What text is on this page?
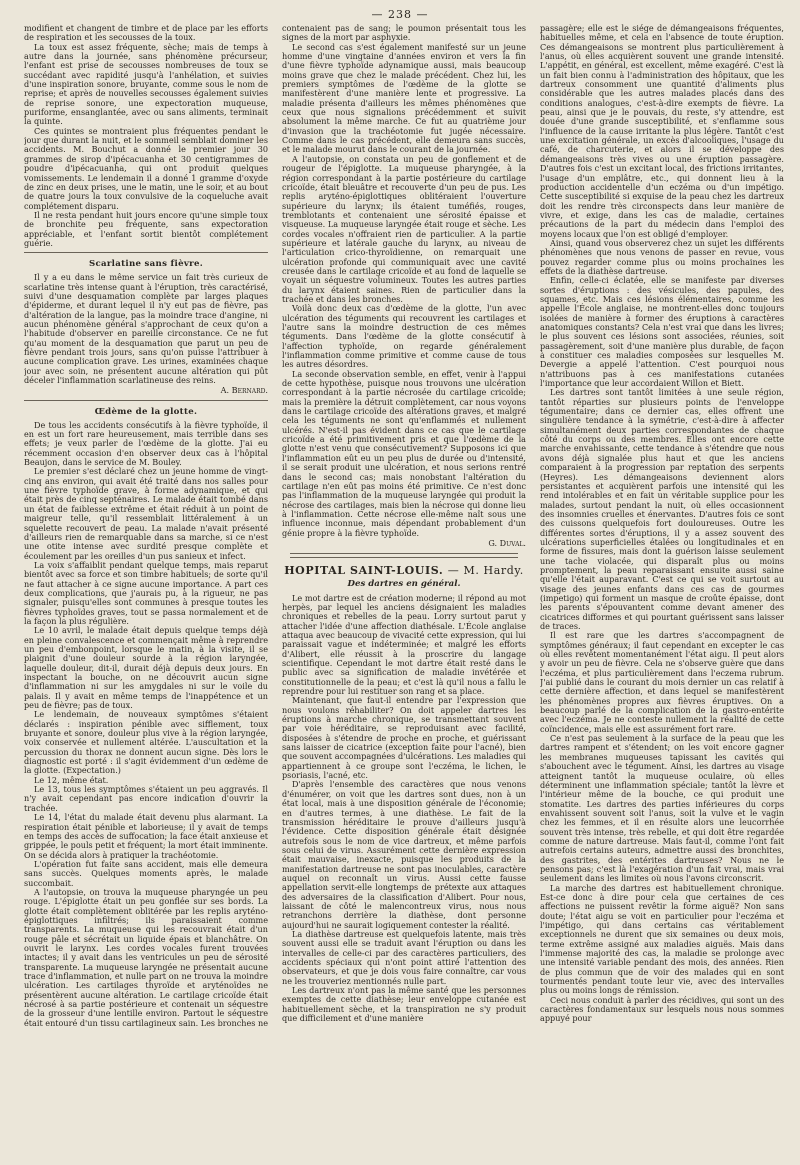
— 238 —

modifient et changent de timbre et de place par les efforts de respiration et les secousses de la toux.

La toux est assez fréquente, sèche; mais de temps à autre dans la journée, sans phénomène précurseur, l'enfant est prise de secousses nombreuses de toux se succédant avec rapidité jusqu'à l'anhélation, et suivies d'une inspiration sonore, bruyante, comme sous le nom de reprise; et après de nouvelles secousses également suivies de reprise sonore, une expectoration muqueuse, puriforme, ensanglantée, avec ou sans aliments, terminait la quinte.

Ces quintes se montraient plus fréquentes pendant le jour que durant la nuit, et le sommeil semblait dominer les accidents. M. Bouchut a donné le premier jour 30 grammes de sirop d'ipécacuanha et 30 centigrammes de poudre d'ipécacuanha, qui ont produit quelques vomissements. Le lendemain il a donné 1 gramme d'oxyde de zinc en deux prises, une le matin, une le soir, et au bout de quatre jours la toux convulsive de la coqueluche avait complétement disparu.

Il ne resta pendant huit jours encore qu'une simple toux de bronchite peu fréquente, sans expectoration appréciable, et l'enfant sortit bientôt complétement guérie.

Scarlatine sans fièvre.

Il y a eu dans le même service un fait très curieux de scarlatine très intense quant à l'éruption, très caractérisé, suivi d'une desquamation complète par larges plaques d'épiderme, et durant lequel il n'y eut pas de fièvre, pas d'altération de la langue, pas la moindre trace d'angine, ni aucun phénomène général s'approchant de ceux qu'on a l'habitude d'observer en pareille circonstance. Ce ne fut qu'au moment de la desquamation que parut un peu de fièvre pendant trois jours, sans qu'on puisse l'attribuer à aucune complication grave. Les urines, examinées chaque jour avec soin, ne présentent aucune altération qui pût déceler l'inflammation scarlatineuse des reins.

A. Bernard.
Œdème de la glotte.

De tous les accidents consécutifs à la fièvre typhoïde, il en est un fort rare heureusement, mais terrible dans ses effets; je veux parler de l'œdème de la glotte. J'ai eu récemment occasion d'en observer deux cas à l'hôpital Beaujon, dans le service de M. Bouley.

Le premier s'est déclaré chez un jeune homme de vingt-cinq ans environ, qui avait été traité dans nos salles pour une fièvre typhoïde grave, à forme adynamique, et qui était près de cinq septénaires. Le malade était tombé dans un état de faiblesse extrême et était réduit à un point de maigreur telle, qu'il ressemblait littéralement à un squelette recouvert de peau. La malade n'avait présenté d'ailleurs rien de remarquable dans sa marche, si ce n'est une otite intense avec surdité presque complète et écoulement par les oreilles d'un pus sanieux et infect.

La voix s'affaiblit pendant quelque temps, mais reparut bientôt avec sa force et son timbre habituels; de sorte qu'il ne faut attacher à ce signe aucune importance. A part ces deux complications, que j'aurais pu, à la rigueur, ne pas signaler, puisqu'elles sont communes à presque toutes les fièvres typhoïdes graves, tout se passa normalement et de la façon la plus régulière.

Le 10 avril, le malade était depuis quelque temps déjà en pleine convalescence et commençait même à reprendre un peu d'embonpoint, lorsque le matin, à la visite, il se plaignit d'une douleur sourde à la région laryngée, laquelle douleur, dit-il, durait déjà depuis deux jours. En inspectant la bouche, on ne découvrit aucun signe d'inflammation ni sur les amygdales ni sur le voile du palais. Il y avait en même temps de l'inappétence et un peu de fièvre; pas de toux.

Le lendemain, de nouveaux symptômes s'étaient déclarés : inspiration pénible avec sifflement, toux bruyante et sonore, douleur plus vive à la région laryngée, voix conservée et nullement altérée. L'auscultation et la percussion du thorax ne donnent aucun signe. Dès lors le diagnostic est porté : il s'agit évidemment d'un œdème de la glotte. (Expectation.)

Le 12, même état.

Le 13, tous les symptômes s'étaient un peu aggravés. Il n'y avait cependant pas encore indication d'ouvrir la trachée.

Le 14, l'état du malade était devenu plus alarmant. La respiration était pénible et laborieuse; il y avait de temps en temps des accès de suffocation; la face était anxieuse et grippée, le pouls petit et fréquent; la mort était imminente. On se décida alors à pratiquer la trachéotomie.

L'opération fut faite sans accident, mais elle demeura sans succès. Quelques moments après, le malade succombait.

A l'autopsie, on trouva la muqueuse pharyngée un peu rouge. L'épiglotte était un peu gonflée sur ses bords. La glotte était complètement oblitérée par les replis aryténo-épiglottiques infiltrés; ils paraissaient comme transparents. La muqueuse qui les recouvrait était d'un rouge pâle et sécrétait un liquide épais et blanchâtre. On ouvrit le larynx. Les cordes vocales furent trouvées intactes; il y avait dans les ventricules un peu de sérosité transparente. La muqueuse laryngée ne présentait aucune trace d'inflammation, et nulle part on ne trouva la moindre ulcération. Les cartilages thyroïde et aryténoïdes ne présentèrent aucune altération. Le cartilage cricoïde était nécrosé à sa partie postérieure et contenait un séquestre de la grosseur d'une lentille environ. Partout le séquestre était entouré d'un tissu cartilagineux sain. Les bronches ne

contenaient pas de sang; le poumon présentait tous les signes de la mort par asphyxie.

Le second cas s'est également manifesté sur un jeune homme d'une vingtaine d'années environ et vers la fin d'une fièvre typhoïde adynamique aussi, mais beaucoup moins grave que chez le malade précédent. Chez lui, les premiers symptômes de l'œdème de la glotte se manifestèrent d'une manière lente et progressive. La maladie présenta d'ailleurs les mêmes phénomènes que ceux que nous signalions précédemment et suivit absolument la même marche. Ce fut au quatrième jour d'invasion que la trachéotomie fut jugée nécessaire. Comme dans le cas précédent, elle demeura sans succès, et le malade mourut dans le courant de la journée.

A l'autopsie, on constata un peu de gonflement et de rougeur de l'épiglotte. La muqueuse pharyngée, à la région correspondant à la partie postérieure du cartilage cricoïde, était bleuâtre et recouverte d'un peu de pus. Les replis aryténo-épiglottiques oblitéraient l'ouverture supérieure du larynx; ils étaient tuméfiés, rouges, tremblotants et contenaient une sérosité épaisse et visqueuse. La muqueuse laryngée était rouge et sèche. Les cordes vocales n'offraient rien de particulier. A la partie supérieure et latérale gauche du larynx, au niveau de l'articulation crico-thyroïdienne, on remarquait une ulcération profonde qui communiquait avec une cavité creusée dans le cartilage cricoïde et au fond de laquelle se voyait un séquestre volumineux. Toutes les autres parties du larynx étaient saines. Rien de particulier dans la trachée et dans les bronches.

Voilà donc deux cas d'œdème de la glotte, l'un avec ulcération des téguments qui recouvrent les cartilages et l'autre sans la moindre destruction de ces mêmes téguments. Dans l'œdème de la glotte consécutif à l'affection typhoïde, on regarde généralement l'inflammation comme primitive et comme cause de tous les autres désordres.

La seconde observation semble, en effet, venir à l'appui de cette hypothèse, puisque nous trouvons une ulcération correspondant à la partie nécrosée du cartilage cricoïde; mais la première la détruit complètement, car nous voyons dans le cartilage cricoïde des altérations graves, et malgré cela les téguments ne sont qu'enflammés et nullement ulcérés. N'est-il pas évident dans ce cas que le cartilage cricoïde a été primitivement pris et que l'œdème de la glotte n'est venu que consécutivement? Supposons ici que l'inflammation eût eu un peu plus de durée ou d'intensité, il se serait produit une ulcération, et nous serions rentré dans le second cas; mais nonobstant l'altération du cartilage n'en eût pas moins été primitive. Ce n'est donc pas l'inflammation de la muqueuse laryngée qui produit la nécrose des cartilages, mais bien la nécrose qui donne lieu à l'inflammation. Cette nécrose elle-même naît sous une influence inconnue, mais dépendant probablement d'un génie propre à la fièvre typhoïde.

G. Duval.
HOPITAL SAINT-LOUIS. — M. Hardy.
Des dartres en général.

Le mot dartre est de création moderne; il répond au mot herpès, par lequel les anciens désignaient les maladies chroniques et rebelles de la peau. Lorry surtout parut y attacher l'idée d'une affection diathésale. L'École anglaise attaqua avec beaucoup de vivacité cette expression, qui lui paraissait vague et indéterminée; et malgré les efforts d'Alibert, elle réussit à la proscrire du langage scientifique. Cependant le mot dartre était resté dans le public avec sa signification de maladie invétérée et constitutionnelle de la peau; et c'est là qu'il nous a fallu le reprendre pour lui restituer son rang et sa place.

Maintenant, que faut-il entendre par l'expression que nous voulons réhabiliter? On doit appeler dartres les éruptions à marche chronique, se transmettant souvent par voie héréditaire, se reproduisant avec facilité, disposées à s'étendre de proche en proche, et guérissant sans laisser de cicatrice (exception faite pour l'acné), bien que souvent accompagnées d'ulcérations. Les maladies qui appartiennent à ce groupe sont l'eczéma, le lichen, le psoriasis, l'acné, etc.

D'après l'ensemble des caractères que nous venons d'énumérer, on voit que les dartres sont dues, non à un état local, mais à une disposition générale de l'économie; en d'autres termes, à une diathèse. Le fait de la transmission héréditaire le prouve d'ailleurs jusqu'à l'évidence. Cette disposition générale était désignée autrefois sous le nom de vice dartreux, et même parfois sous celui de virus. Assurément cette dernière expression était mauvaise, inexacte, puisque les produits de la manifestation dartreuse ne sont pas inoculables, caractère auquel on reconnaît un virus. Aussi cette fausse appellation servit-elle longtemps de prétexte aux attaques des adversaires de la classification d'Alibert. Pour nous, laissant de côté le malencontreux virus, nous nous retranchons derrière la diathèse, dont personne aujourd'hui ne saurait logiquement contester la réalité.

La diathèse dartreuse est quelquefois latente, mais très souvent aussi elle se traduit avant l'éruption ou dans les intervalles de celle-ci par des caractères particuliers, des accidents spéciaux qui n'ont point attiré l'attention des observateurs, et que je dois vous faire connaître, car vous ne les trouveriez mentionnés nulle part.

Les dartreux n'ont pas la même santé que les personnes exemptes de cette diathèse; leur enveloppe cutanée est habituellement sèche, et la transpiration ne s'y produit que difficilement et d'une manière

passagère; elle est le siége de démangeaisons fréquentes, habituelles même, et cela en l'absence de toute éruption. Ces démangeaisons se montrent plus particulièrement à l'anus, où elles acquièrent souvent une grande intensité. L'appétit, en général, est excellent, même exagéré. C'est là un fait bien connu à l'administration des hôpitaux, que les dartreux consomment une quantité d'aliments plus considérable que les autres malades placés dans des conditions analogues, c'est-à-dire exempts de fièvre. La peau, ainsi que je le pouvais, du reste, s'y attendre, est douée d'une grande susceptibilité, et s'enflamme sous l'influence de la cause irritante la plus légère. Tantôt c'est une excitation générale, un excès d'alcooliques, l'usage du café, de charcuterie, et alors il se développe des démangeaisons très vives ou une éruption passagère. D'autres fois c'est un excitant local, des frictions irritantes, l'usage d'un emplâtre, etc., qui donnent lieu à la production accidentelle d'un eczéma ou d'un impétigo. Cette susceptibilité si exquise de la peau chez les dartreux doit les rendre très circonspects dans leur manière de vivre, et exige, dans les cas de maladie, certaines précautions de la part du médecin dans l'emploi des moyens locaux que l'on est obligé d'employer.

Ainsi, quand vous observerez chez un sujet les différents phénomènes que nous venons de passer en revue, vous pouvez regarder comme plus ou moins prochaines les effets de la diathèse dartreuse.

Enfin, celle-ci éclatée, elle se manifeste par diverses sortes d'éruptions : des vésicules, des papules, des squames, etc. Mais ces lésions élémentaires, comme les appelle l'École anglaise, ne montrent-elles donc toujours isolées de manière à former des éruptions à caractères anatomiques constants? Cela n'est vrai que dans les livres; le plus souvent ces lésions sont associées, réunies, soit passagèrement, soit d'une manière plus durable, de façon à constituer ces maladies composées sur lesquelles M. Devergie a appelé l'attention. C'est pourquoi nous n'attribuons pas à ces manifestations cutanées l'importance que leur accordaient Willon et Biett.

Les dartres sont tantôt limitées à une seule région, tantôt réparties sur plusieurs points de l'enveloppe tégumentaire; dans ce dernier cas, elles offrent une singulière tendance à la symétrie, c'est-à-dire à affecter simultanément deux parties correspondantes de chaque côté du corps ou des membres. Elles ont encore cette marche envahissante, cette tendance à s'étendre que nous avons déjà signalée plus haut et que les anciens comparaient à la progression par reptation des serpents (Heyres). Les démangeaisons deviennent alors persistantes et acquièrent parfois une intensité qui les rend intolérables et en fait un véritable supplice pour les malades, surtout pendant la nuit, où elles occasionnent des insomnies cruelles et énervantes. D'autres fois ce sont des cuissons quelquefois fort douloureuses. Outre les différentes sortes d'éruptions, il y a assez souvent des ulcérations superficielles étalées ou longitudinales et en forme de fissures, mais dont la guérison laisse seulement une tache violacée, qui disparaît plus ou moins promptement, la peau reparaissant ensuite aussi saine qu'elle l'était auparavant. C'est ce qui se voit surtout au visage des jeunes enfants dans ces cas de gourmes (impetigo) qui forment un masque de croûte épaisse, dont les parents s'épouvantent comme devant amener des cicatrices difformes et qui pourtant guérissent sans laisser de traces.

Il est rare que les dartres s'accompagnent de symptômes généraux; il faut cependant en excepter le cas où elles revêtent momentanément l'état aigu. Il peut alors y avoir un peu de fièvre. Cela ne s'observe guère que dans l'eczéma, et plus particulièrement dans l'eczema rubrum. J'ai publié dans le courant du mois dernier un cas relatif à cette dernière affection, et dans lequel se manifestèrent les phénomènes propres aux fièvres éruptives. On a beaucoup parlé de la complication de la gastro-entérite avec l'eczéma. Je ne conteste nullement la réalité de cette coïncidence, mais elle est assurément fort rare.

Ce n'est pas seulement à la surface de la peau que les dartres rampent et s'étendent; on les voit encore gagner les membranes muqueuses tapissant les cavités qui s'abouchent avec le tégument. Ainsi, les dartres au visage atteignent tantôt la muqueuse oculaire, où elles déterminent une inflammation spéciale; tantôt la lèvre et l'intérieur même de la bouche, ce qui produit une stomatite. Les dartres des parties inférieures du corps envahissent souvent soit l'anus, soit la vulve et le vagin chez les femmes, et il en résulte alors une leucorrhée souvent très intense, très rebelle, et qui doit être regardée comme de nature dartreuse. Mais faut-il, comme l'ont fait autrefois certains auteurs, admettre aussi des bronchites, des gastrites, des entérites dartreuses? Nous ne le pensons pas; c'est là l'exagération d'un fait vrai, mais vrai seulement dans les limites où nous l'avons circonscrit.

La marche des dartres est habituellement chronique. Est-ce donc à dire pour cela que certaines de ces affections ne puissent revêtir la forme aiguë? Non sans doute; l'état aigu se voit en particulier pour l'eczéma et l'impétigo, qui dans certains cas véritablement exceptionnels ne durent que six semaines ou deux mois, terme extrême assigné aux maladies aiguës. Mais dans l'immense majorité des cas, la maladie se prolonge avec une intensité variable pendant des mois, des années. Rien de plus commun que de voir des malades qui en sont tourmentés pendant toute leur vie, avec des intervalles plus ou moins longs de rémission.

Ceci nous conduit à parler des récidives, qui sont un des caractères fondamentaux sur lesquels nous nous sommes appuyé pour
